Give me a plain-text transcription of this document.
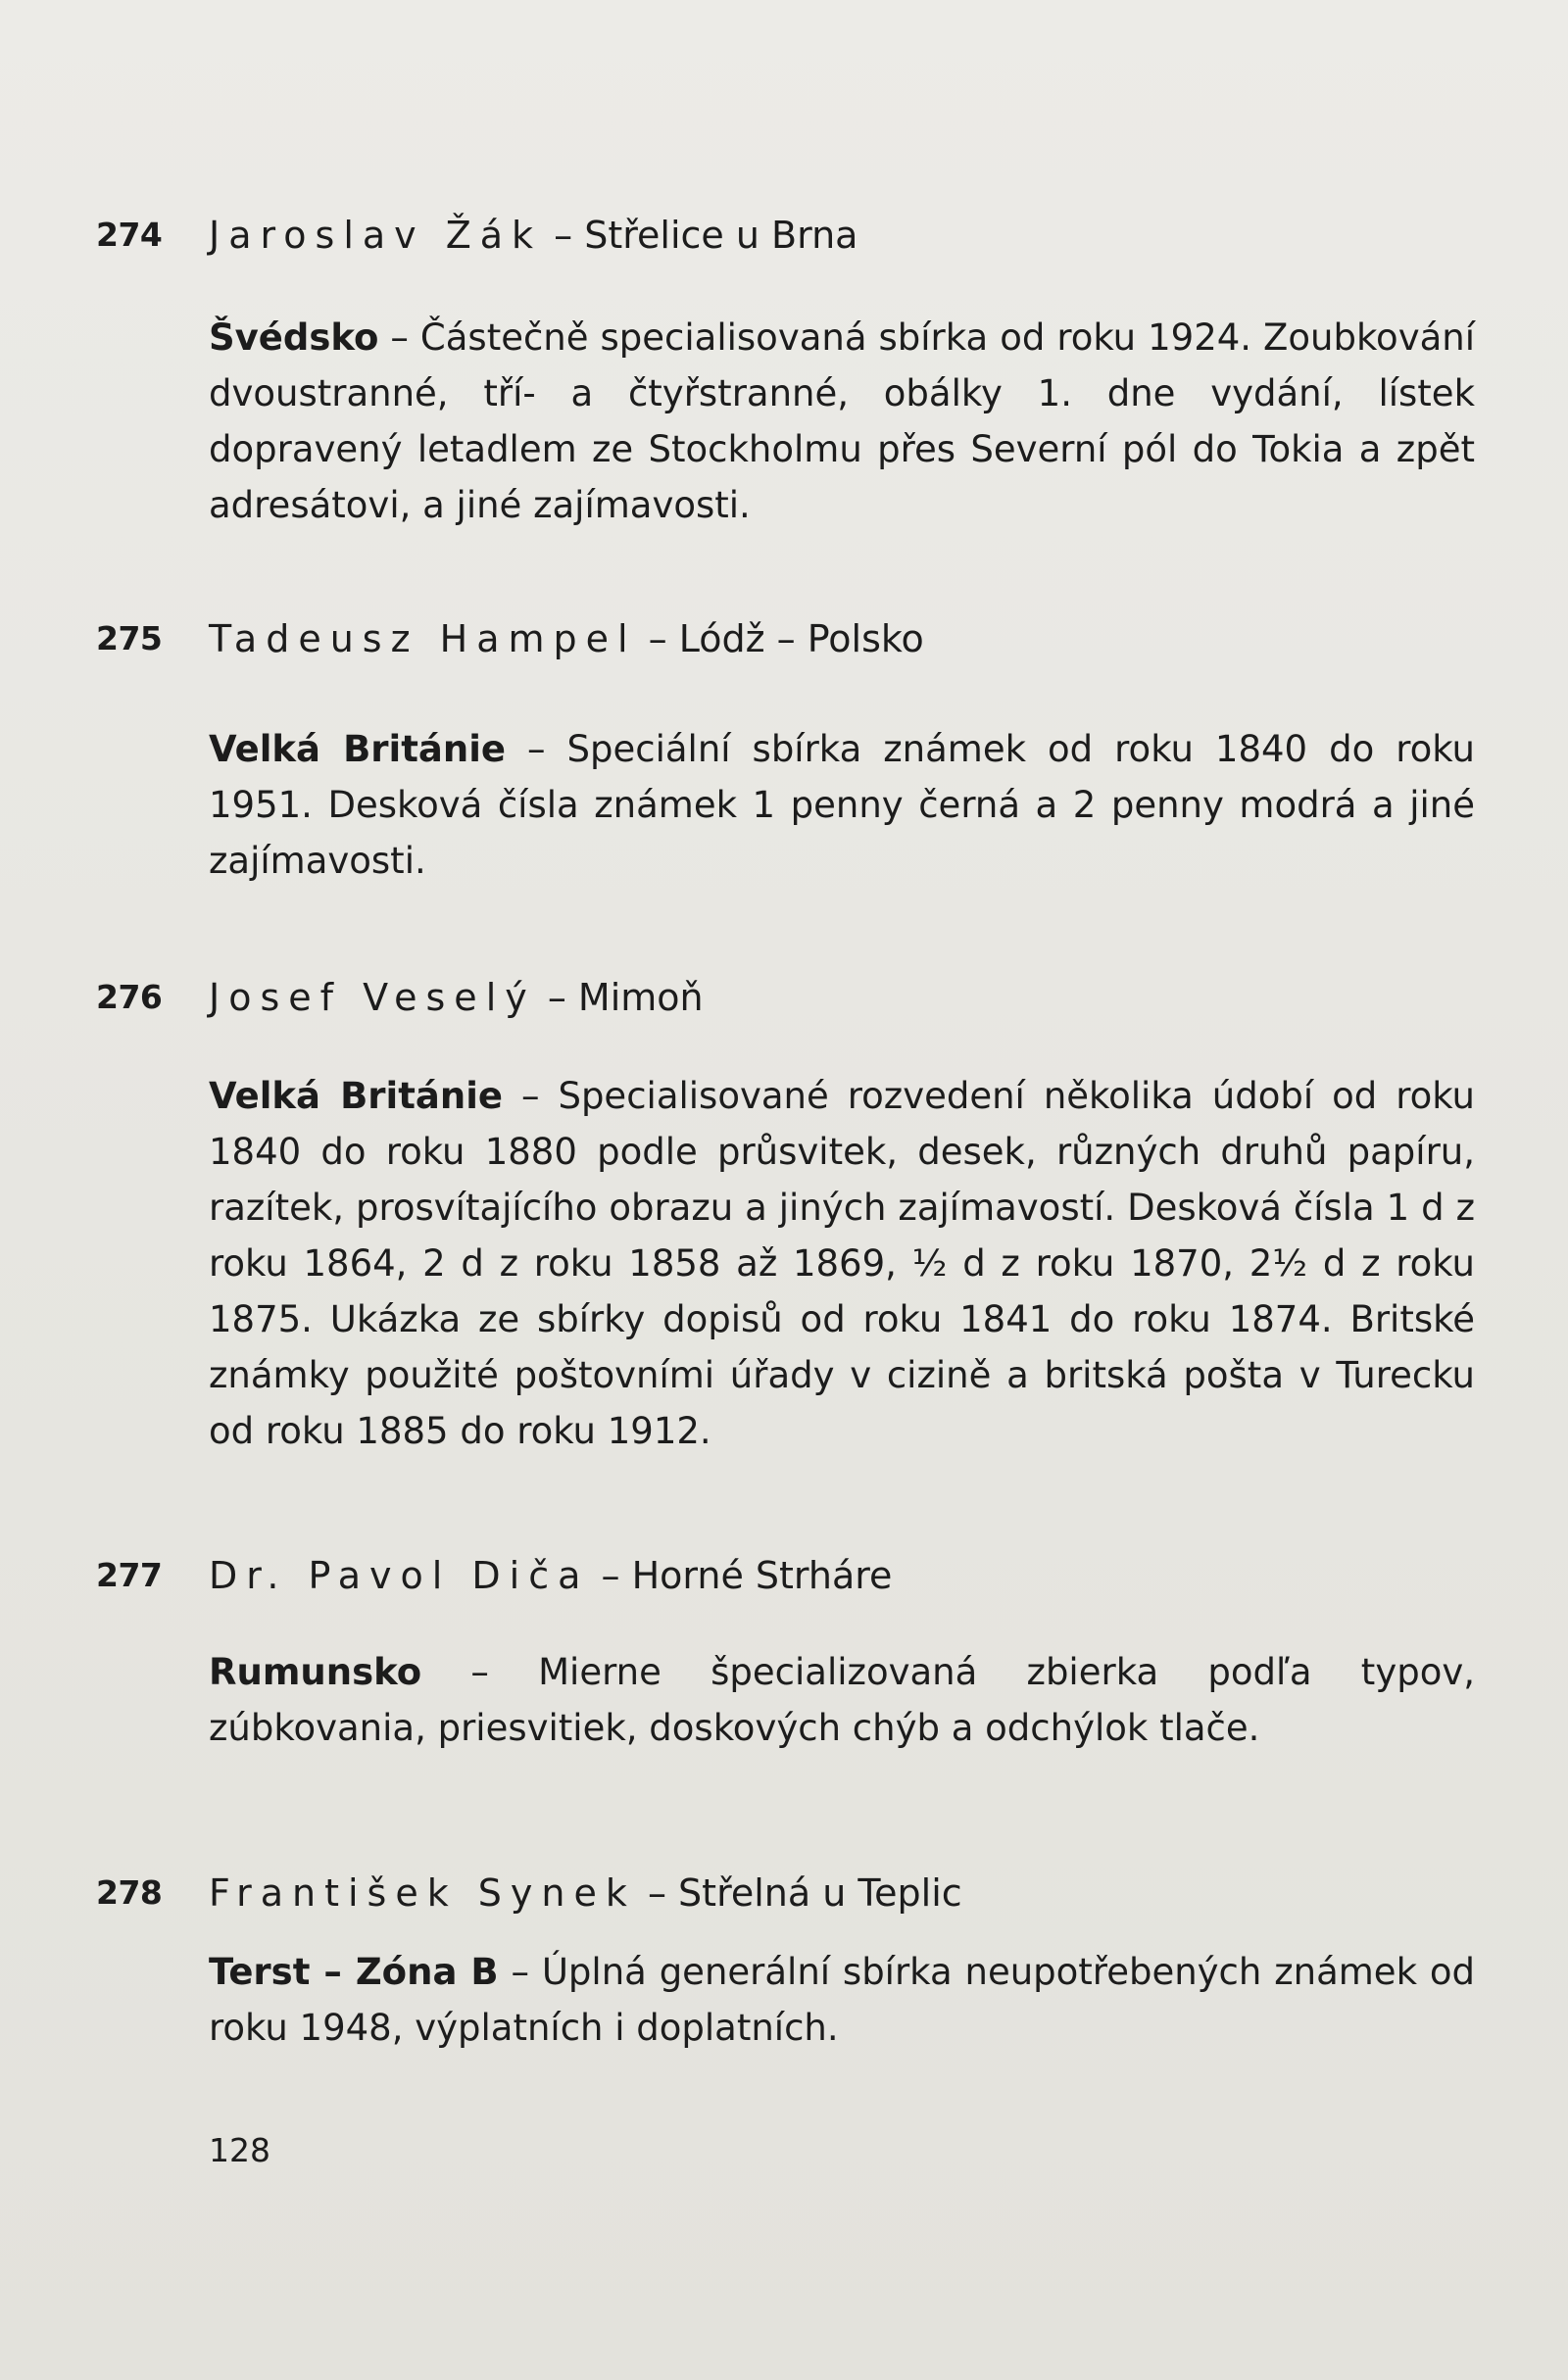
274 Jaroslav Žák – Střelice u Brna
Švédsko – Částečně specialisovaná sbírka od roku 1924. Zoubkování dvoustranné, tří- a čtyřstranné, obálky 1. dne vydání, lístek dopravený letadlem ze Stockholmu přes Severní pól do Tokia a zpět adresátovi, a jiné zajímavosti.
275 Tadeusz Hampel – Lódž – Polsko
Velká Británie – Speciální sbírka známek od roku 1840 do roku 1951. Desková čísla známek 1 penny černá a 2 penny modrá a jiné zajímavosti.
276 Josef Veselý – Mimoň
Velká Británie – Specialisované rozvedení několika údobí od roku 1840 do roku 1880 podle průsvitek, desek, různých druhů papíru, razítek, prosvítajícího obrazu a jiných zajímavostí. Desková čísla 1 d z roku 1864, 2 d z roku 1858 až 1869, ½ d z roku 1870, 2½ d z roku 1875. Ukázka ze sbírky dopisů od roku 1841 do roku 1874. Britské známky použité poštovními úřady v cizině a britská pošta v Turecku od roku 1885 do roku 1912.
277 Dr. Pavol Diča – Horné Strháre
Rumunsko – Mierne špecializovaná zbierka podľa typov, zúbkovania, priesvitiek, doskových chýb a odchýlok tlače.
278 František Synek – Střelná u Teplic
Terst – Zóna B – Úplná generální sbírka neupotřebených známek od roku 1948, výplatních i doplatních.
128
